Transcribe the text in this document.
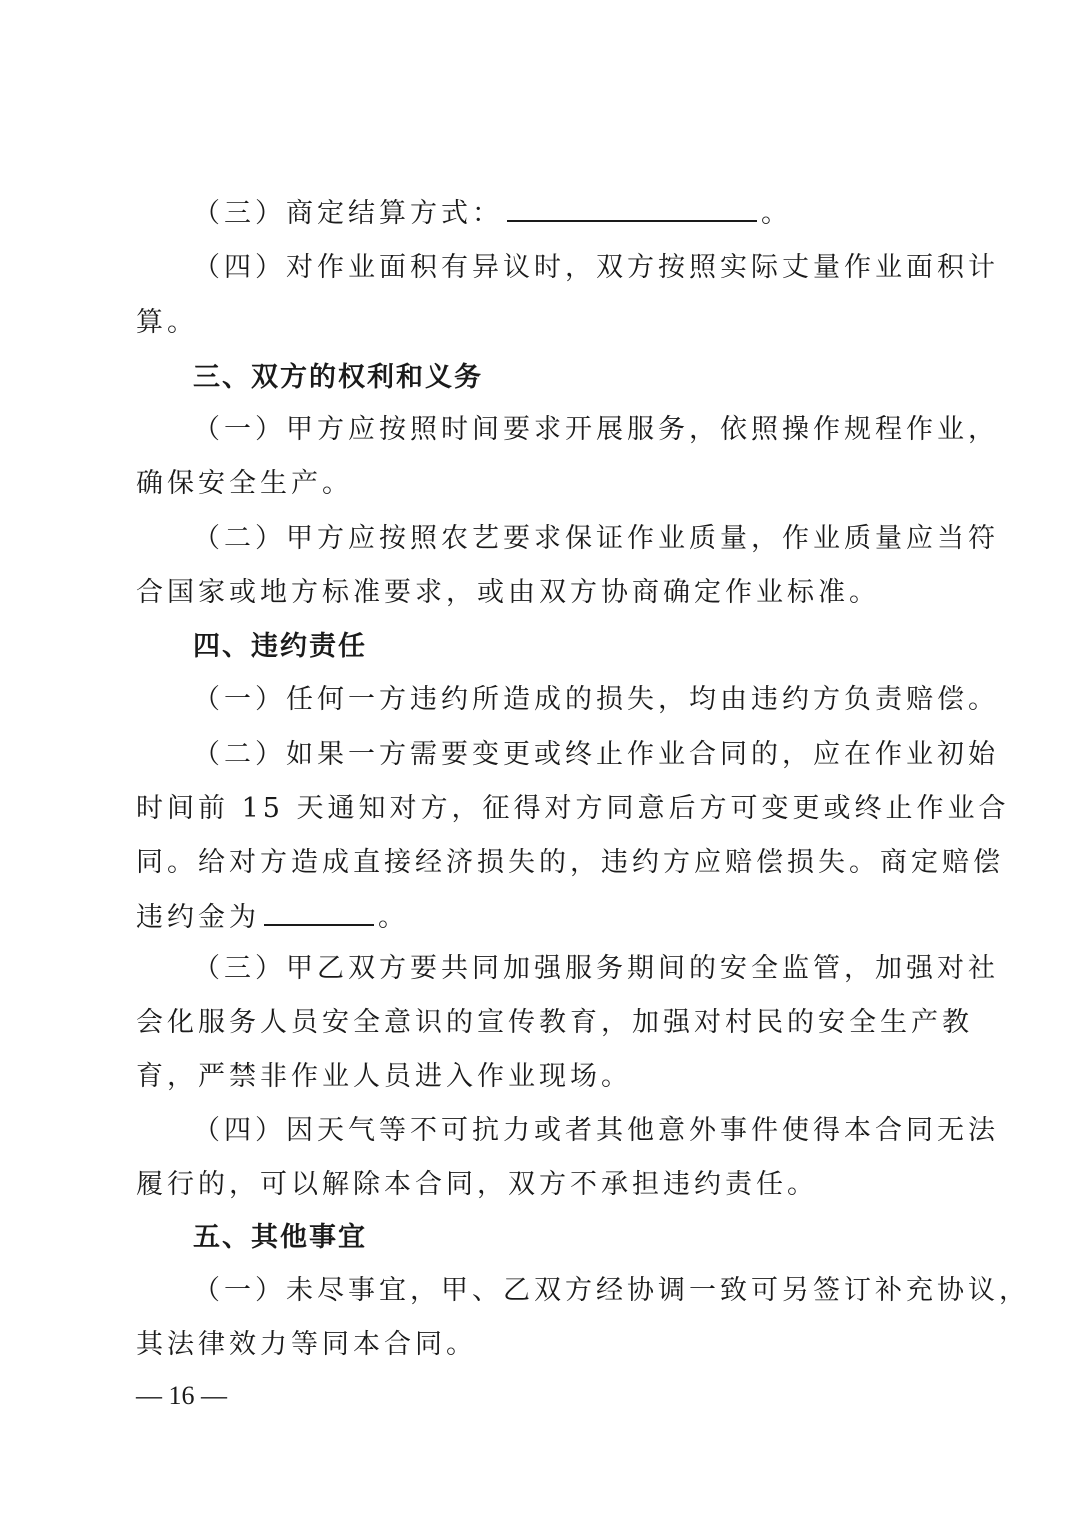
（三）商定结算方式：	。

（四）对作业面积有异议时，双方按照实际丈量作业面积计

算。

三、双方的权利和义务

（一）甲方应按照时间要求开展服务，依照操作规程作业，

确保安全生产。

（二）甲方应按照农艺要求保证作业质量，作业质量应当符

合国家或地方标准要求，或由双方协商确定作业标准。

四、违约责任

（一）任何一方违约所造成的损失，均由违约方负责赔偿。

（二）如果一方需要变更或终止作业合同的，应在作业初始

时间前 15 天通知对方，征得对方同意后方可变更或终止作业合

同。给对方造成直接经济损失的，违约方应赔偿损失。商定赔偿

违约金为	。

（三）甲乙双方要共同加强服务期间的安全监管，加强对社

会化服务人员安全意识的宣传教育，加强对村民的安全生产教

育，严禁非作业人员进入作业现场。

（四）因天气等不可抗力或者其他意外事件使得本合同无法

履行的，可以解除本合同，双方不承担违约责任。

五、其他事宜

（一）未尽事宜，甲、乙双方经协调一致可另签订补充协议，

其法律效力等同本合同。

— 16 —
